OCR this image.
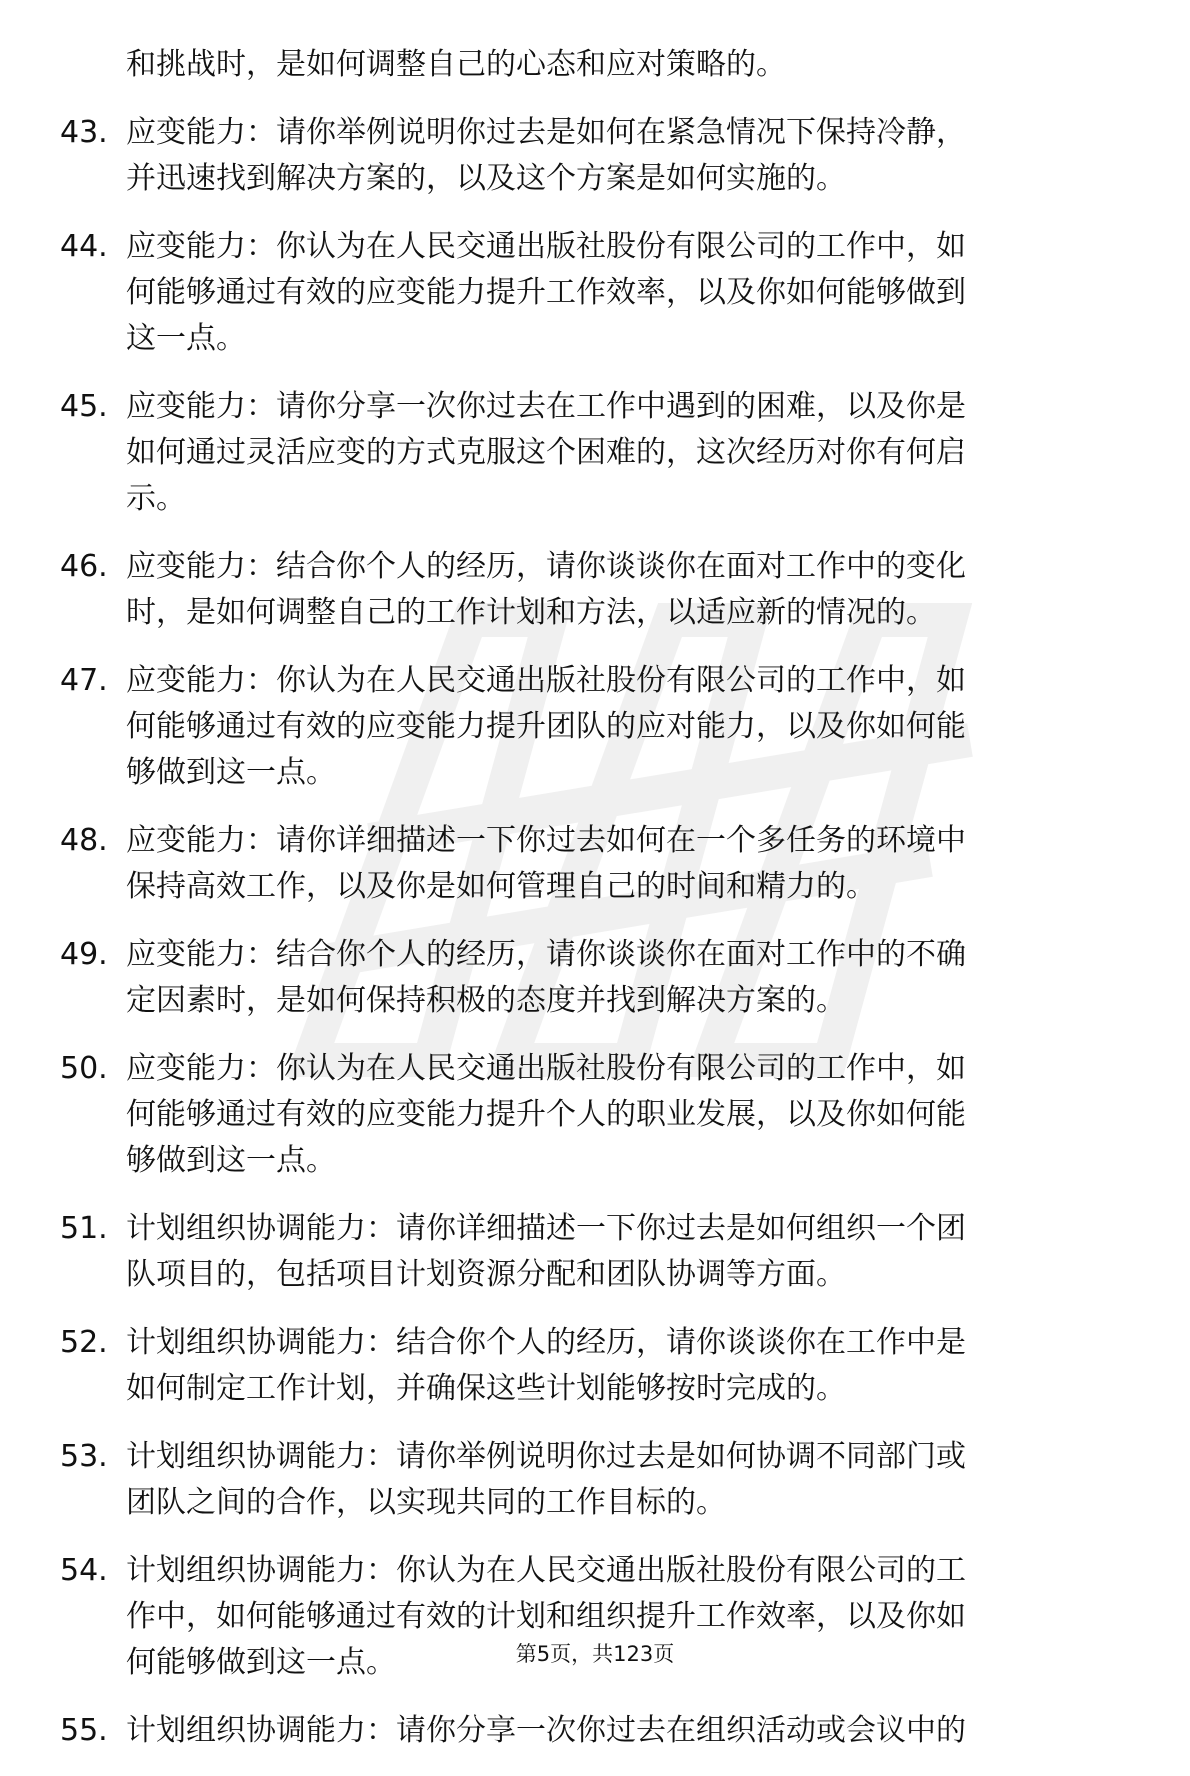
和挑战时，是如何调整自己的心态和应对策略的。
43. 应变能力：请你举例说明你过去是如何在紧急情况下保持冷静，
并迅速找到解决方案的，以及这个方案是如何实施的。
44. 应变能力：你认为在人民交通出版社股份有限公司的工作中，如
何能够通过有效的应变能力提升工作效率，以及你如何能够做到
这一点。
45. 应变能力：请你分享一次你过去在工作中遇到的困难，以及你是
如何通过灵活应变的方式克服这个困难的，这次经历对你有何启
示。
46. 应变能力：结合你个人的经历，请你谈谈你在面对工作中的变化
时，是如何调整自己的工作计划和方法，以适应新的情况的。
47. 应变能力：你认为在人民交通出版社股份有限公司的工作中，如
何能够通过有效的应变能力提升团队的应对能力，以及你如何能
够做到这一点。
48. 应变能力：请你详细描述一下你过去如何在一个多任务的环境中
保持高效工作，以及你是如何管理自己的时间和精力的。
49. 应变能力：结合你个人的经历，请你谈谈你在面对工作中的不确
定因素时，是如何保持积极的态度并找到解决方案的。
50. 应变能力：你认为在人民交通出版社股份有限公司的工作中，如
何能够通过有效的应变能力提升个人的职业发展，以及你如何能
够做到这一点。
51. 计划组织协调能力：请你详细描述一下你过去是如何组织一个团
队项目的，包括项目计划资源分配和团队协调等方面。
52. 计划组织协调能力：结合你个人的经历，请你谈谈你在工作中是
如何制定工作计划，并确保这些计划能够按时完成的。
53. 计划组织协调能力：请你举例说明你过去是如何协调不同部门或
团队之间的合作，以实现共同的工作目标的。
54. 计划组织协调能力：你认为在人民交通出版社股份有限公司的工
作中，如何能够通过有效的计划和组织提升工作效率，以及你如
何能够做到这一点。
55. 计划组织协调能力：请你分享一次你过去在组织活动或会议中的
第5页，共123页
